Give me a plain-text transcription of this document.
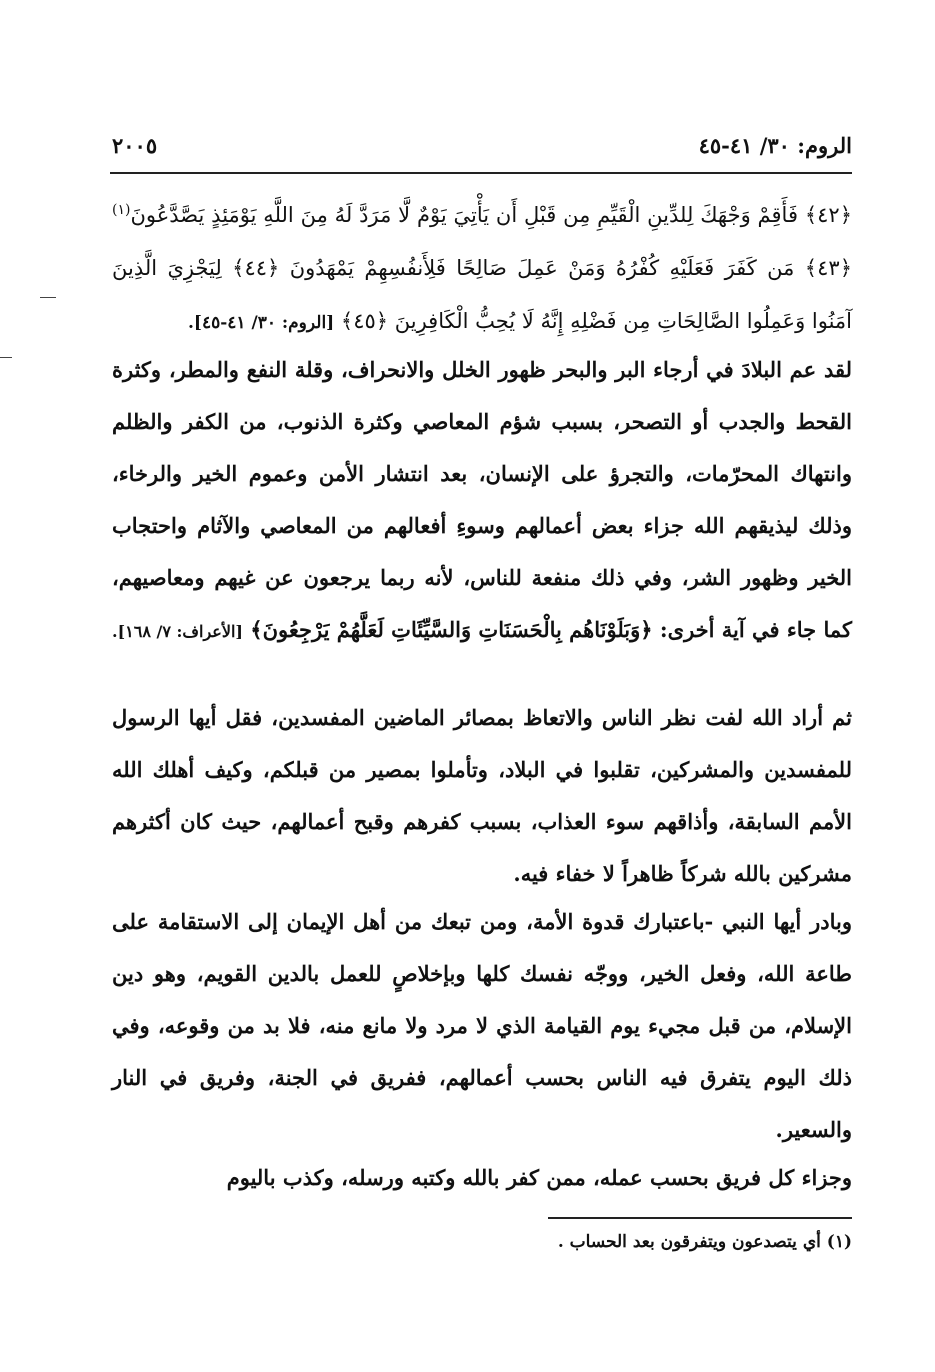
الروم: ٣٠/ ٤١-٤٥
٢٠٠٥
﴿٤٢﴾ فَأَقِمْ وَجْهَكَ لِلدِّينِ الْقَيِّمِ مِن قَبْلِ أَن يَأْتِيَ يَوْمٌ لَّا مَرَدَّ لَهُ مِنَ اللَّهِ يَوْمَئِذٍ يَصَّدَّعُونَ$^{(١)}$ ﴿٤٣﴾ مَن كَفَرَ فَعَلَيْهِ كُفْرُهُ وَمَنْ عَمِلَ صَالِحًا فَلِأَنفُسِهِمْ يَمْهَدُونَ ﴿٤٤﴾ لِيَجْزِيَ الَّذِينَ آمَنُوا وَعَمِلُوا الصَّالِحَاتِ مِن فَضْلِهِ إِنَّهُ لَا يُحِبُّ الْكَافِرِينَ ﴿٤٥﴾ [الروم: ٣٠/ ٤١-٤٥].
لقد عم البلادَ في أرجاء البر والبحر ظهور الخلل والانحراف، وقلة النفع والمطر، وكثرة القحط والجدب أو التصحر، بسبب شؤم المعاصي وكثرة الذنوب، من الكفر والظلم وانتهاك المحرّمات، والتجرؤ على الإنسان، بعد انتشار الأمن وعموم الخير والرخاء، وذلك ليذيقهم الله جزاء بعض أعمالهم وسوءِ أفعالهم من المعاصي والآثام واحتجاب الخير وظهور الشر، وفي ذلك منفعة للناس، لأنه ربما يرجعون عن غيهم ومعاصيهم، كما جاء في آية أخرى: ﴿وَبَلَوْنَاهُم بِالْحَسَنَاتِ وَالسَّيِّئَاتِ لَعَلَّهُمْ يَرْجِعُونَ﴾ [الأعراف: ٧/ ١٦٨].
ثم أراد الله لفت نظر الناس والاتعاظ بمصائر الماضين المفسدين، فقل أيها الرسول للمفسدين والمشركين، تقلبوا في البلاد، وتأملوا بمصير من قبلكم، وكيف أهلك الله الأمم السابقة، وأذاقهم سوء العذاب، بسبب كفرهم وقبح أعمالهم، حيث كان أكثرهم مشركين بالله شركاً ظاهراً لا خفاء فيه.
وبادر أيها النبي -باعتبارك قدوة الأمة، ومن تبعك من أهل الإيمان إلى الاستقامة على طاعة الله، وفعل الخير، ووجّه نفسك كلها وبإخلاصٍ للعمل بالدين القويم، وهو دين الإسلام، من قبل مجيء يوم القيامة الذي لا مرد ولا مانع منه، فلا بد من وقوعه، وفي ذلك اليوم يتفرق فيه الناس بحسب أعمالهم، ففريق في الجنة، وفريق في النار والسعير.
وجزاء كل فريق بحسب عمله، ممن كفر بالله وكتبه ورسله، وكذب باليوم
(١) أي يتصدعون ويتفرقون بعد الحساب .
